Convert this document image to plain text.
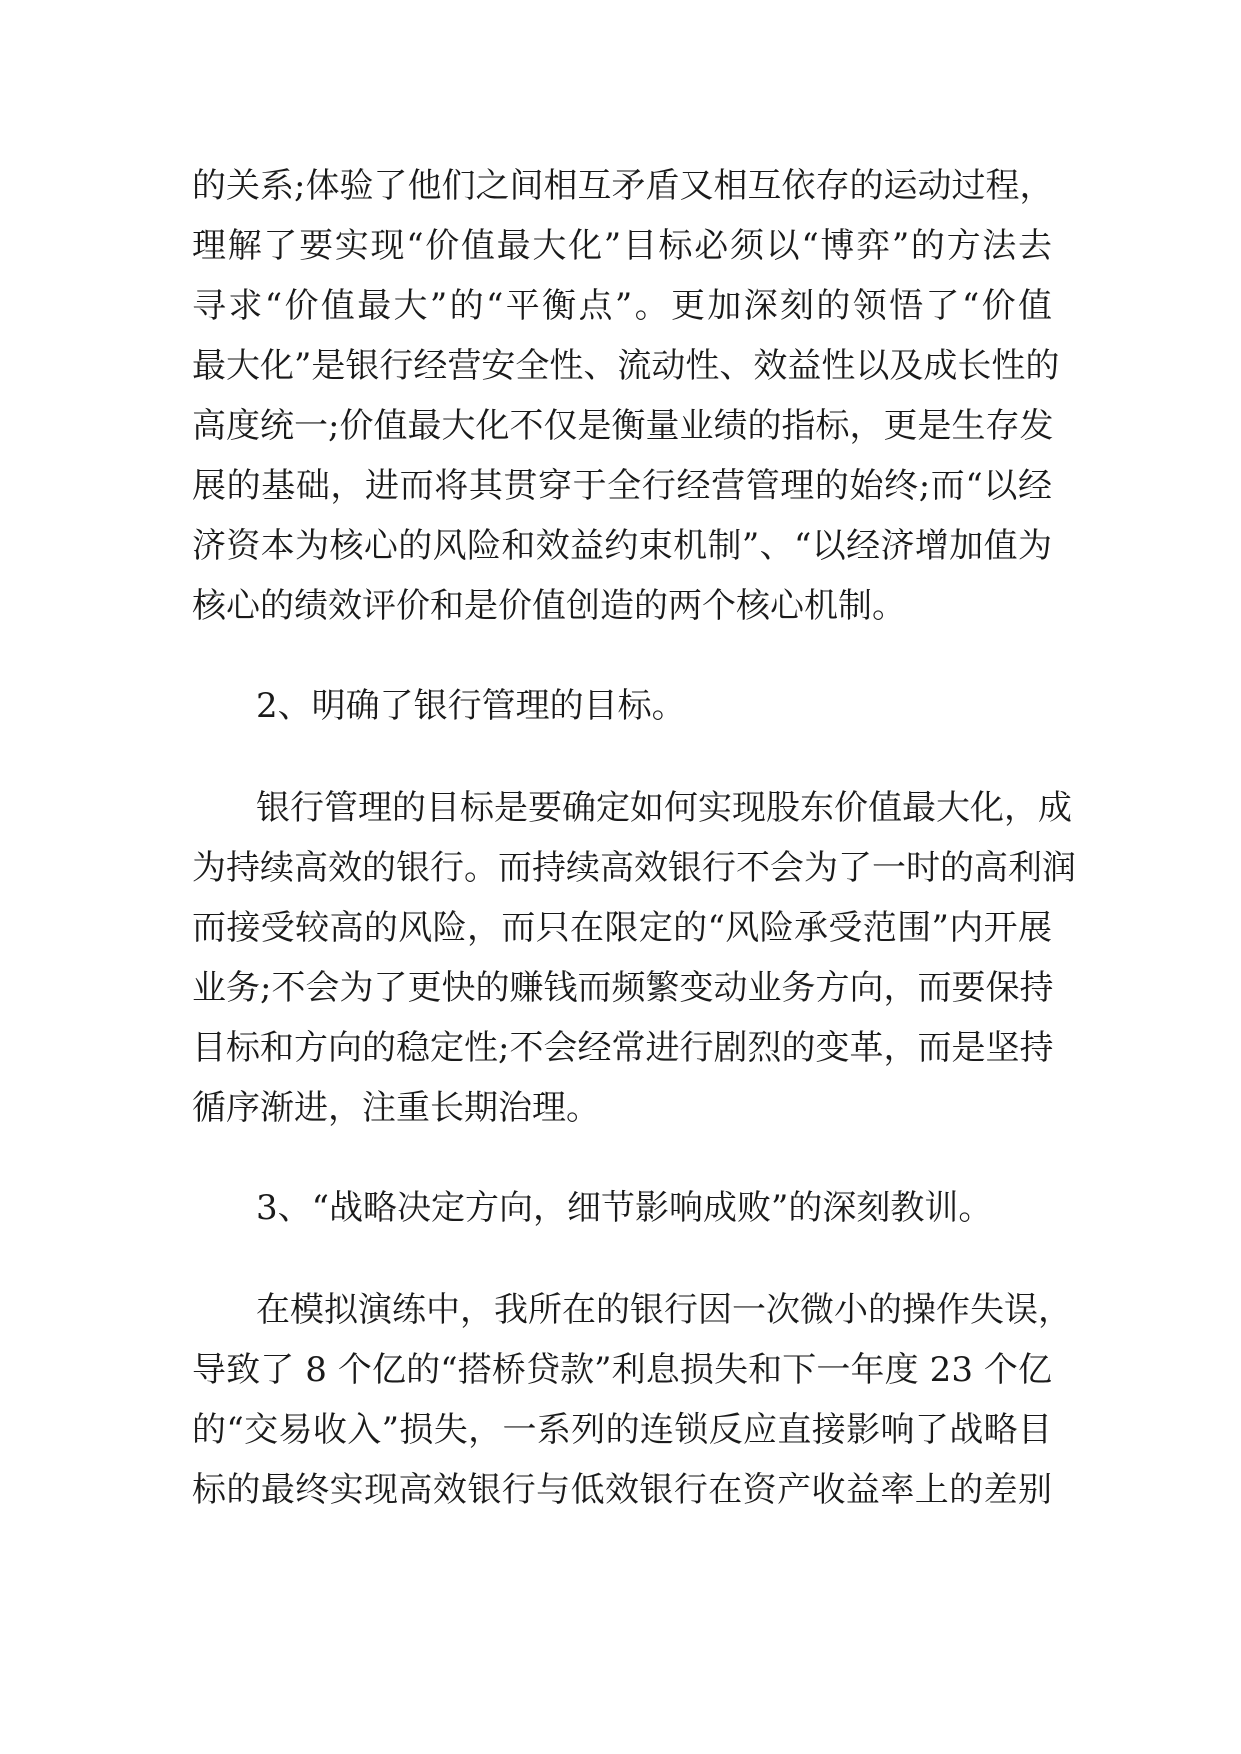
的关系;体验了他们之间相互矛盾又相互依存的运动过程，
理解了要实现“价值最大化”目标必须以“博弈”的方法去
寻求“价值最大”的“平衡点”。更加深刻的领悟了“价值
最大化”是银行经营安全性、流动性、效益性以及成长性的
高度统一;价值最大化不仅是衡量业绩的指标，更是生存发
展的基础，进而将其贯穿于全行经营管理的始终;而“以经
济资本为核心的风险和效益约束机制”、“以经济增加值为
核心的绩效评价和是价值创造的两个核心机制。
2、明确了银行管理的目标。
银行管理的目标是要确定如何实现股东价值最大化，成
为持续高效的银行。而持续高效银行不会为了一时的高利润
而接受较高的风险，而只在限定的“风险承受范围”内开展
业务;不会为了更快的赚钱而频繁变动业务方向，而要保持
目标和方向的稳定性;不会经常进行剧烈的变革，而是坚持
循序渐进，注重长期治理。
3、“战略决定方向，细节影响成败”的深刻教训。
在模拟演练中，我所在的银行因一次微小的操作失误，
导致了 8 个亿的“搭桥贷款”利息损失和下一年度 23 个亿
的“交易收入”损失，一系列的连锁反应直接影响了战略目
标的最终实现高效银行与低效银行在资产收益率上的差别
